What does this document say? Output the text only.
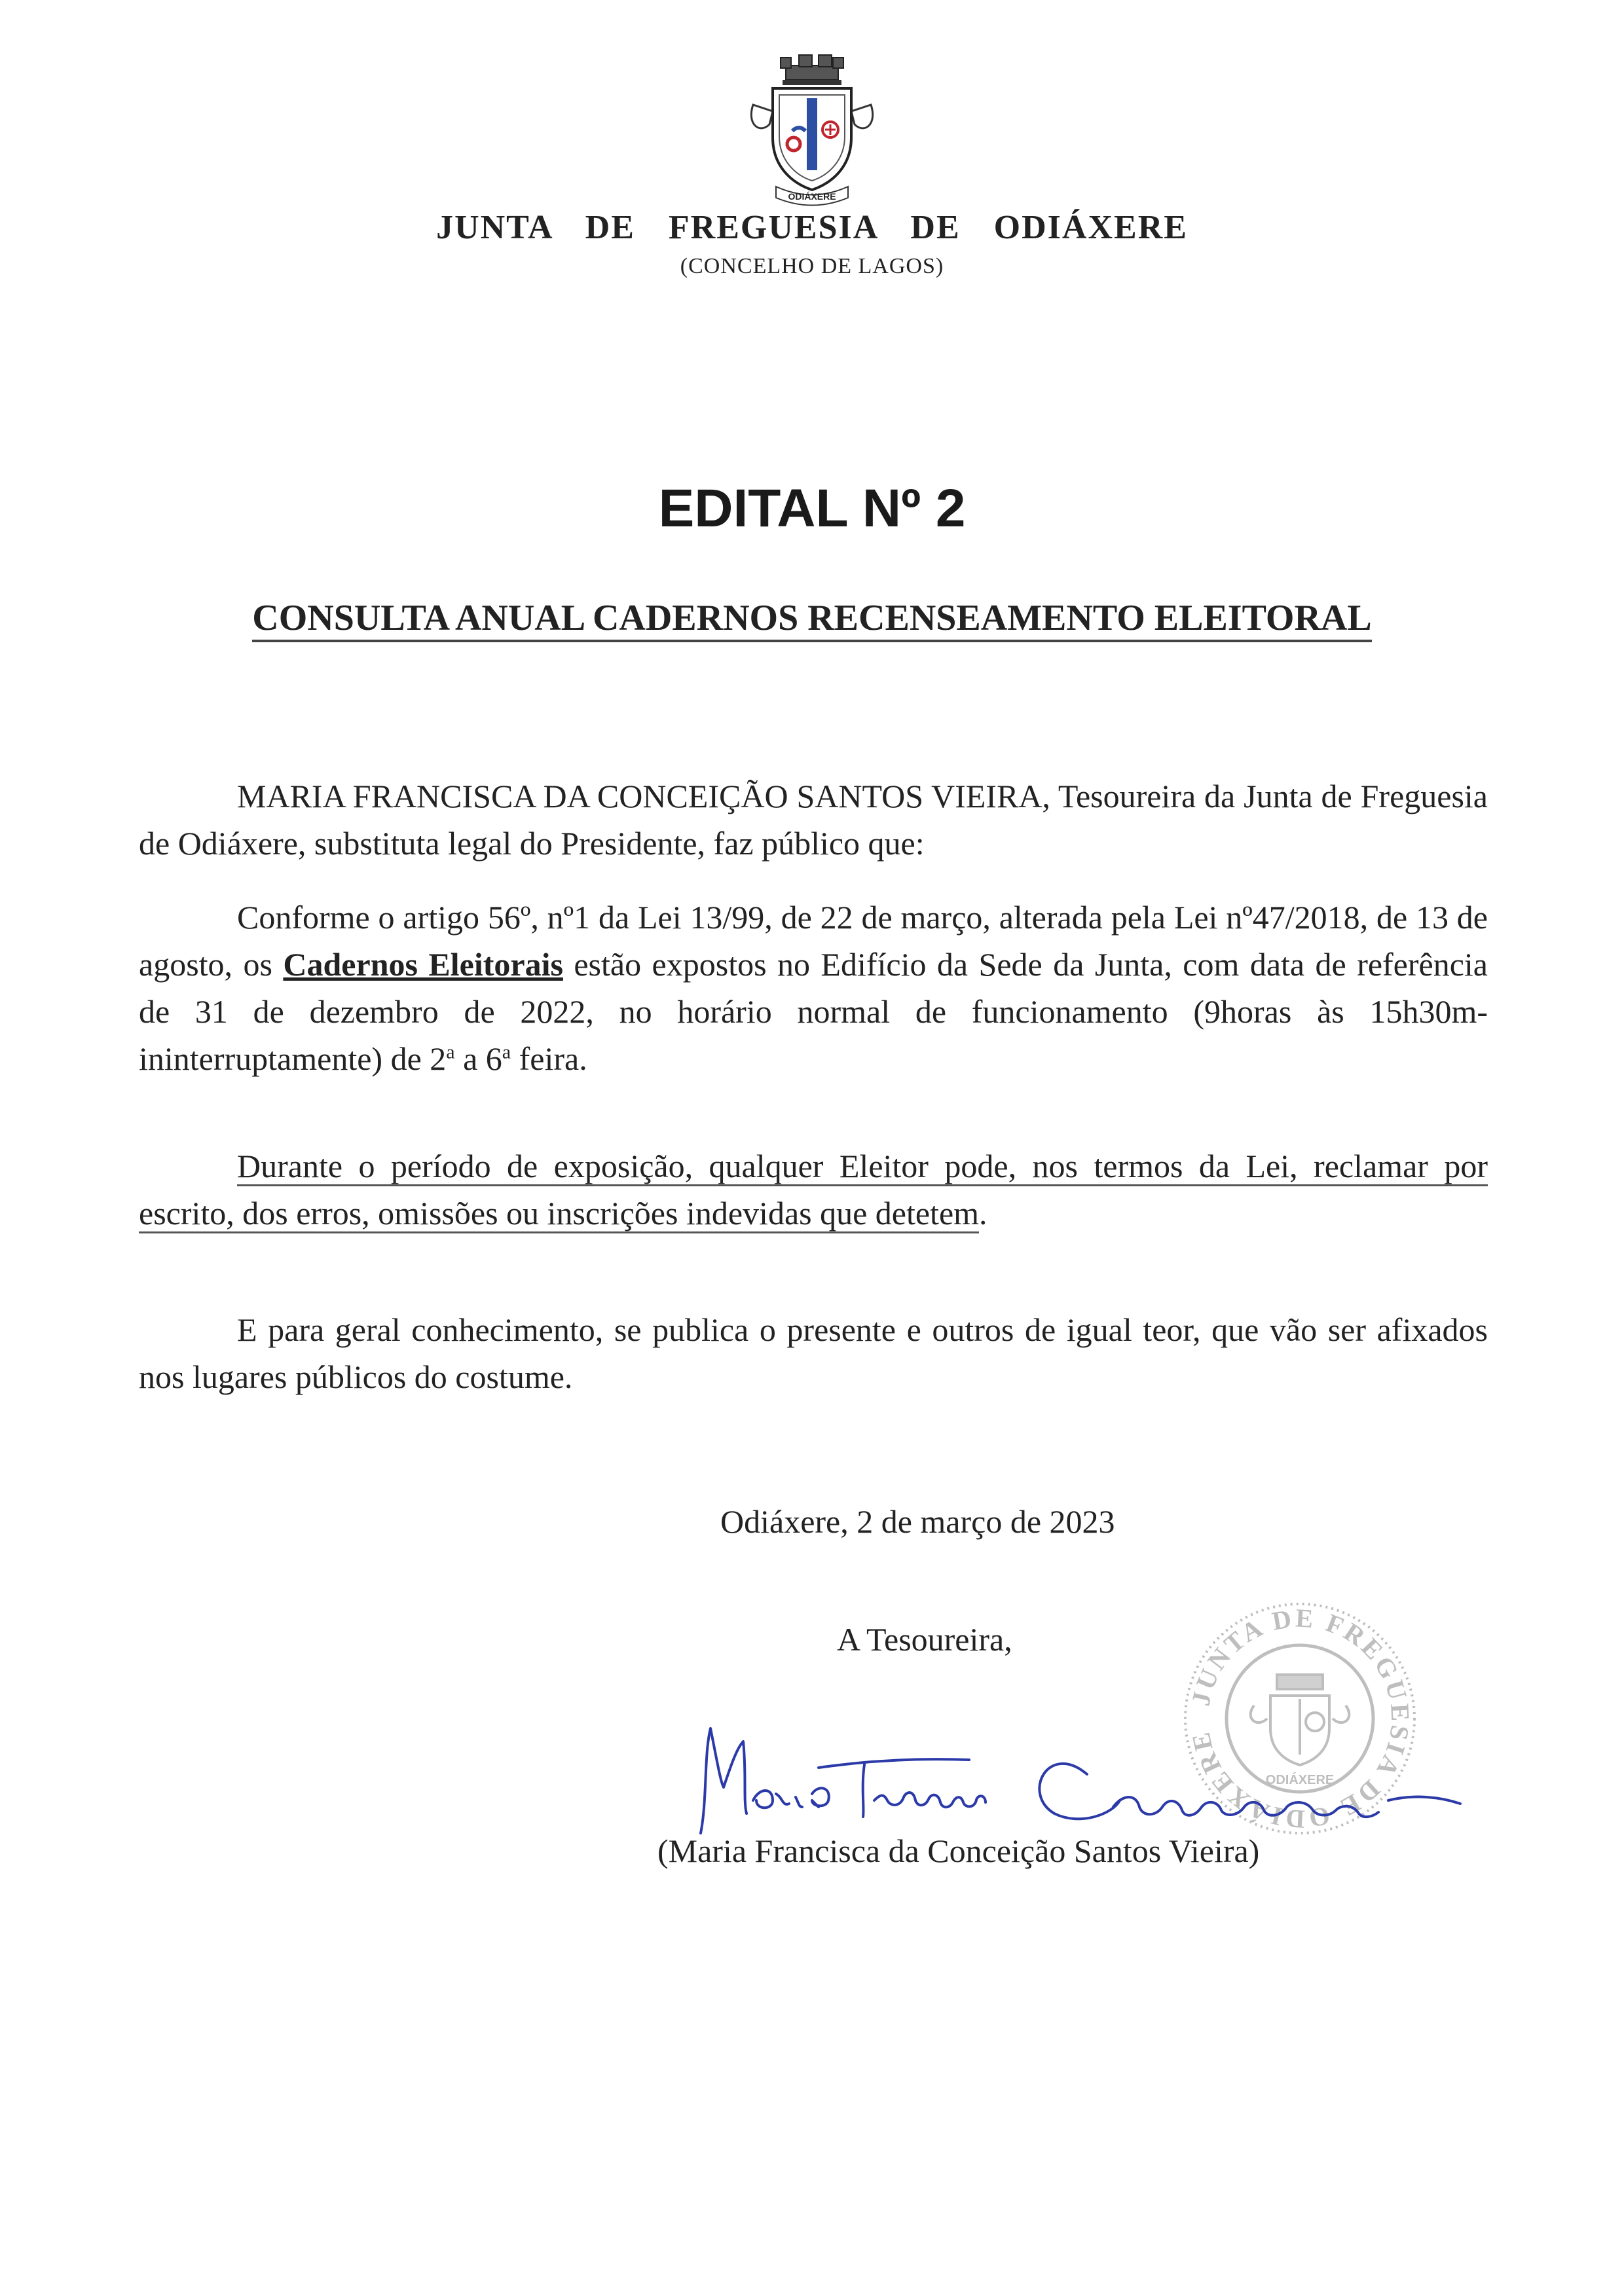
ODIÁXERE
JUNTA DE FREGUESIA DE ODIÁXERE
(CONCELHO DE LAGOS)
EDITAL Nº 2
CONSULTA ANUAL CADERNOS RECENSEAMENTO ELEITORAL
MARIA FRANCISCA DA CONCEIÇÃO SANTOS VIEIRA, Tesoureira da Junta de Freguesia de Odiáxere, substituta legal do Presidente, faz público que:
Conforme o artigo 56º, nº1 da Lei 13/99, de 22 de março, alterada pela Lei nº47/2018, de 13 de agosto, os Cadernos Eleitorais estão expostos no Edifício da Sede da Junta, com data de referência de 31 de dezembro de 2022, no horário normal de funcionamento (9horas às 15h30m- ininterruptamente) de 2$^a$ a 6$^a$ feira.
Durante o período de exposição, qualquer Eleitor pode, nos termos da Lei, reclamar por escrito, dos erros, omissões ou inscrições indevidas que detetem.
E para geral conhecimento, se publica o presente e outros de igual teor, que vão ser afixados nos lugares públicos do costume.
Odiáxere, 2 de março de 2023
A Tesoureira,
JUNTA DE FREGUESIA DE ODIÁXERE
ODIÁXERE
(Maria Francisca da Conceição Santos Vieira)
